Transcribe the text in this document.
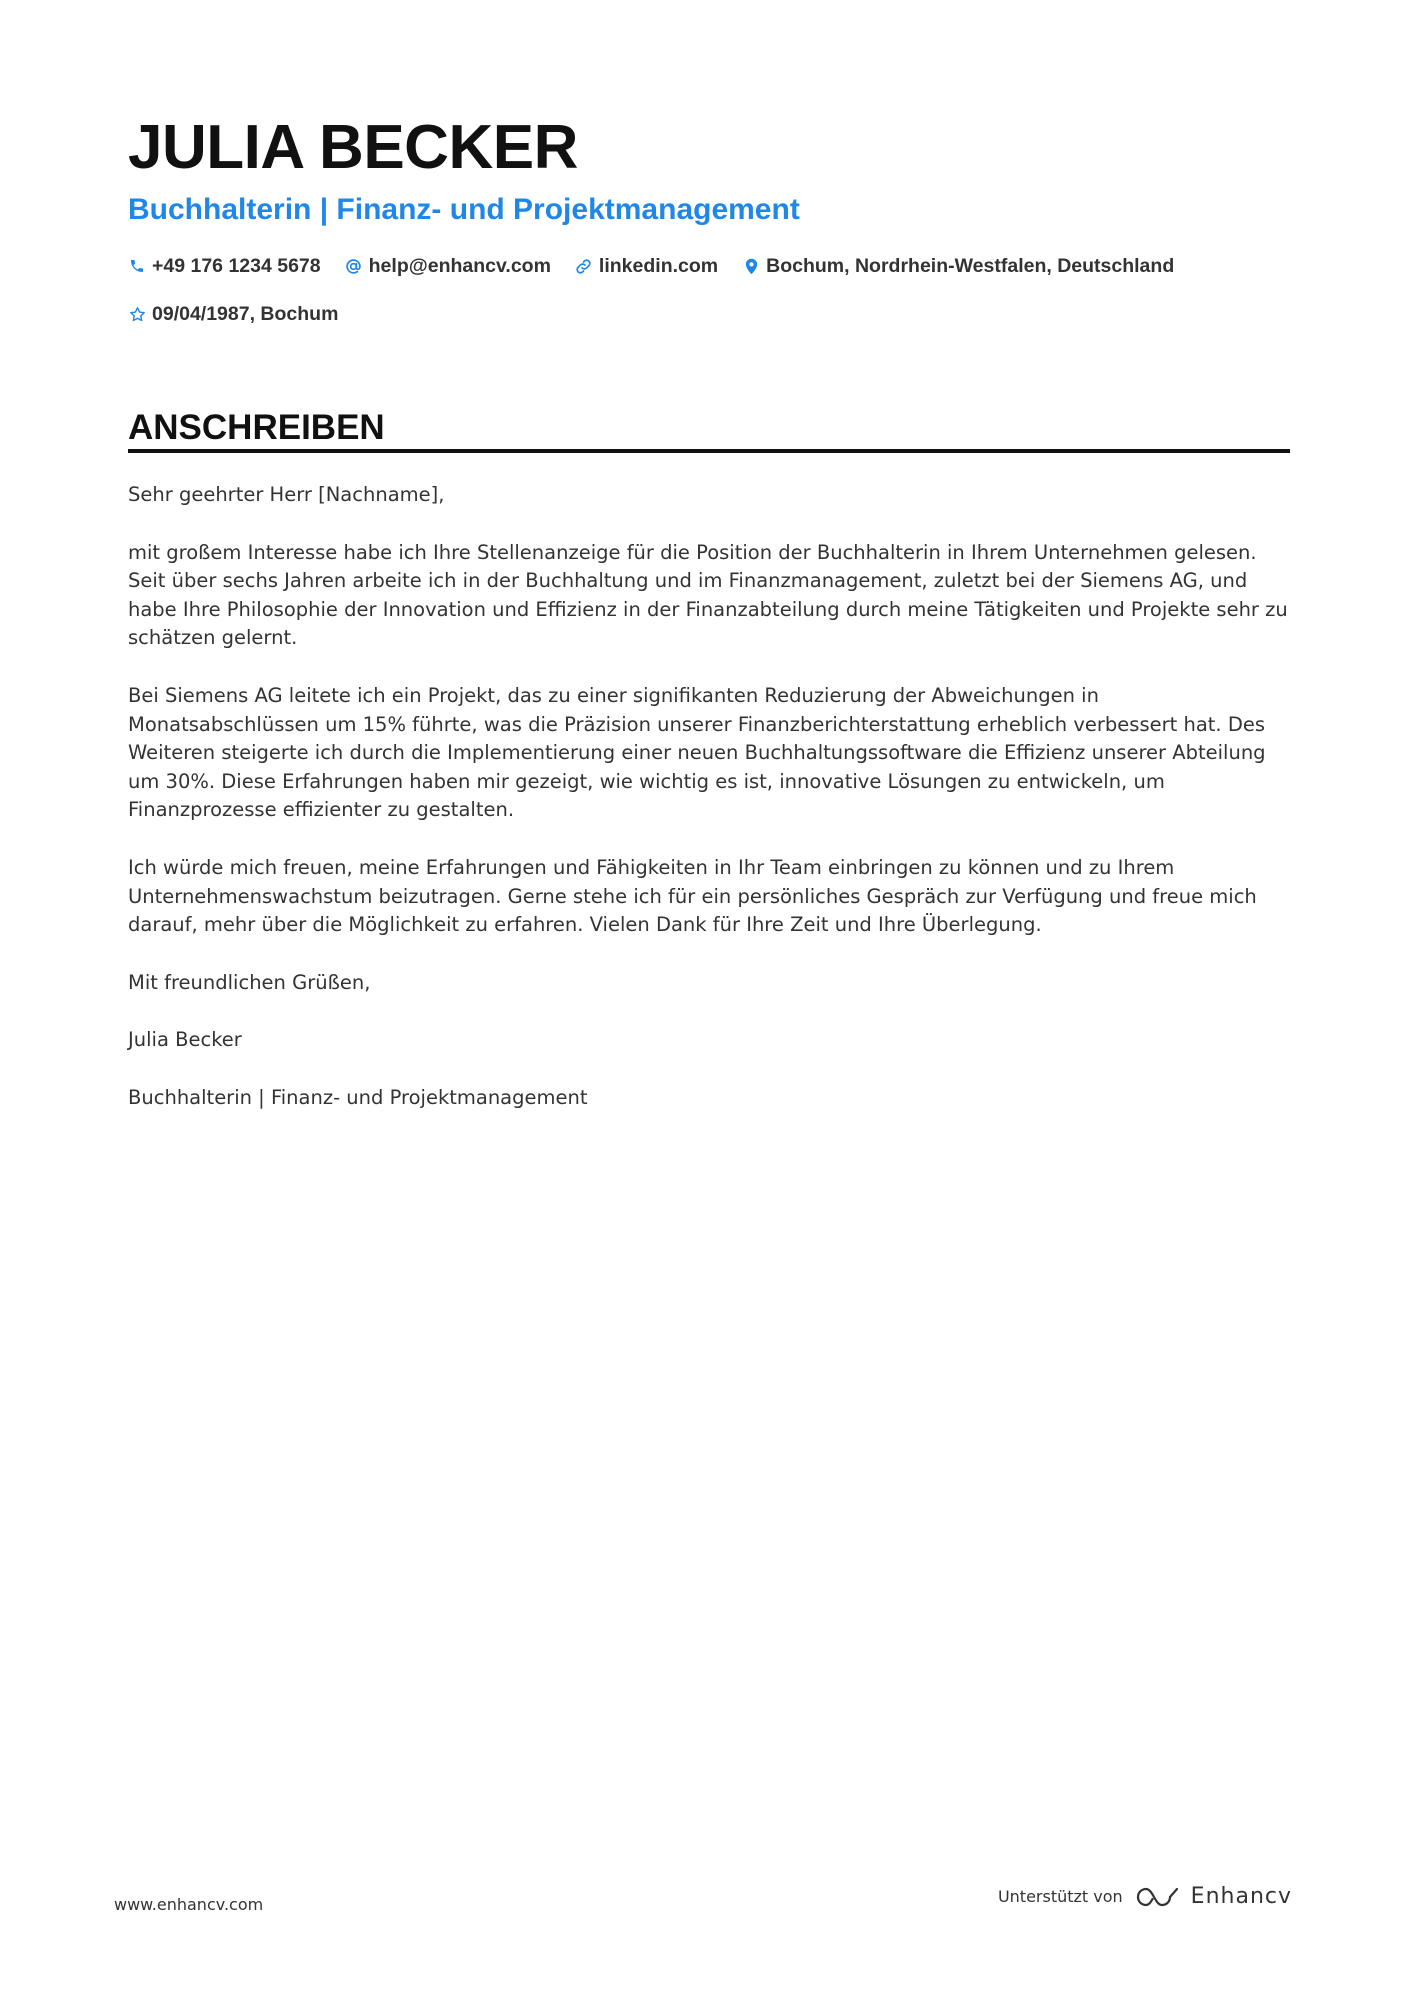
JULIA BECKER
Buchhalterin | Finanz- und Projektmanagement
+49 176 1234 5678 help@enhancv.com linkedin.com Bochum, Nordrhein-Westfalen, Deutschland
09/04/1987, Bochum
ANSCHREIBEN

Sehr geehrter Herr [Nachname],

mit großem Interesse habe ich Ihre Stellenanzeige für die Position der Buchhalterin in Ihrem Unternehmen gelesen. Seit über sechs Jahren arbeite ich in der Buchhaltung und im Finanzmanagement, zuletzt bei der Siemens AG, und habe Ihre Philosophie der Innovation und Effizienz in der Finanzabteilung durch meine Tätigkeiten und Projekte sehr zu schätzen gelernt.

Bei Siemens AG leitete ich ein Projekt, das zu einer signifikanten Reduzierung der Abweichungen in Monatsabschlüssen um 15% führte, was die Präzision unserer Finanzberichterstattung erheblich verbessert hat. Des Weiteren steigerte ich durch die Implementierung einer neuen Buchhaltungssoftware die Effizienz unserer Abteilung um 30%. Diese Erfahrungen haben mir gezeigt, wie wichtig es ist, innovative Lösungen zu entwickeln, um Finanzprozesse effizienter zu gestalten.

Ich würde mich freuen, meine Erfahrungen und Fähigkeiten in Ihr Team einbringen zu können und zu Ihrem Unternehmenswachstum beizutragen. Gerne stehe ich für ein persönliches Gespräch zur Verfügung und freue mich darauf, mehr über die Möglichkeit zu erfahren. Vielen Dank für Ihre Zeit und Ihre Überlegung.

Mit freundlichen Grüßen,

Julia Becker

Buchhalterin | Finanz- und Projektmanagement

www.enhancv.com	Unterstützt von	Enhancv
